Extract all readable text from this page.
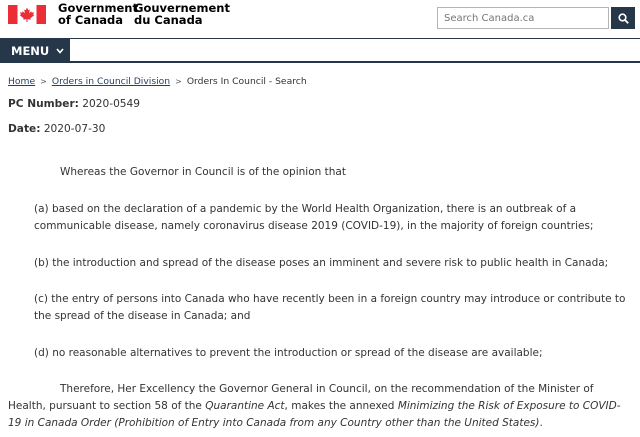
Government
of Canada
Gouvernement
du Canada
Search Canada.ca
MENU
Home > Orders in Council Division > Orders In Council - Search
PC Number: 2020-0549
Date: 2020-07-30

Whereas the Governor in Council is of the opinion that

(a) based on the declaration of a pandemic by the World Health Organization, there is an outbreak of a communicable disease, namely coronavirus disease 2019 (COVID-19), in the majority of foreign countries;

(b) the introduction and spread of the disease poses an imminent and severe risk to public health in Canada;

(c) the entry of persons into Canada who have recently been in a foreign country may introduce or contribute to the spread of the disease in Canada; and

(d) no reasonable alternatives to prevent the introduction or spread of the disease are available;

Therefore, Her Excellency the Governor General in Council, on the recommendation of the Minister of Health, pursuant to section 58 of the Quarantine Act, makes the annexed Minimizing the Risk of Exposure to COVID-19 in Canada Order (Prohibition of Entry into Canada from any Country other than the United States).
